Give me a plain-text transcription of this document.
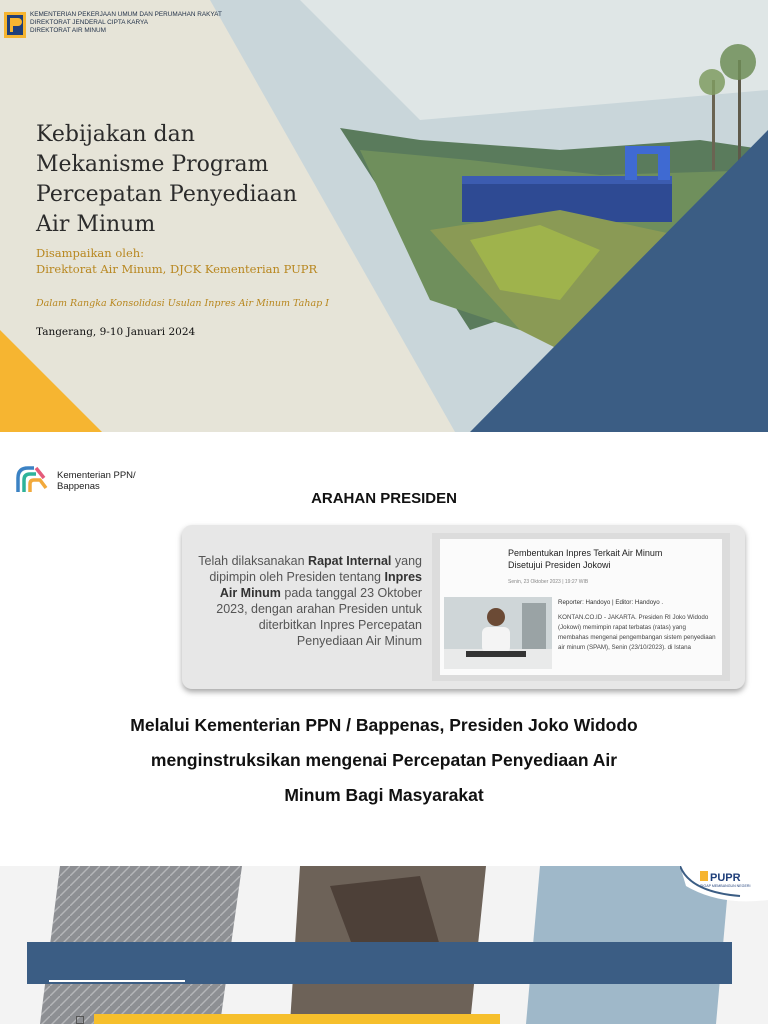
KEMENTERIAN PEKERJAAN UMUM DAN PERUMAHAN RAKYAT
DIREKTORAT JENDERAL CIPTA KARYA
DIREKTORAT AIR MINUM
Kebijakan dan
Mekanisme Program
Percepatan Penyediaan
Air Minum
Disampaikan oleh:
Direktorat Air Minum, DJCK Kementerian PUPR
Dalam Rangka Konsolidasi Usulan Inpres Air Minum Tahap I
Tangerang, 9-10 Januari 2024
Kementerian PPN/ Bappenas
ARAHAN PRESIDEN
Telah dilaksanakan Rapat Internal yang dipimpin oleh Presiden tentang Inpres Air Minum pada tanggal 23 Oktober 2023, dengan arahan Presiden untuk diterbitkan Inpres Percepatan Penyediaan Air Minum
Pembentukan Inpres Terkait Air Minum Disetujui Presiden Jokowi
Senin, 23 Oktober 2023 | 19:27 WIB
Reporter: Handoyo | Editor: Handoyo .
KONTAN.CO.ID - JAKARTA. Presiden RI Joko Widodo (Jokowi) memimpin rapat terbatas (ratas) yang membahas mengenai pengembangan sistem penyediaan air minum (SPAM), Senin (23/10/2023). di Istana

Melalui Kementerian PPN / Bappenas, Presiden Joko Widodo
menginstruksikan mengenai Percepatan Penyediaan Air
Minum Bagi Masyarakat

PUPR
SIGAP MEMBANGUN NEGERI
